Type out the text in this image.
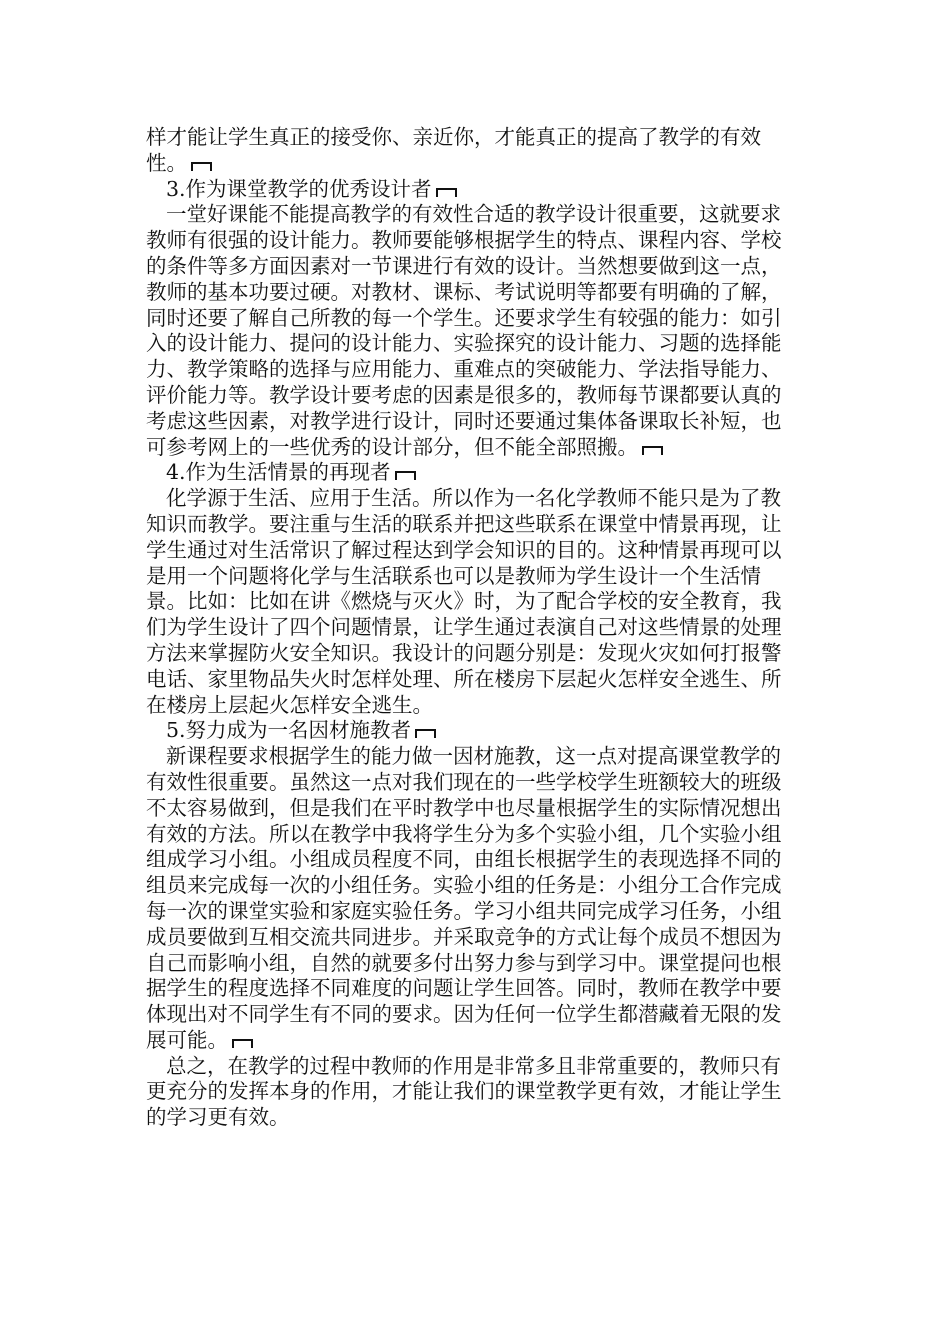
样才能让学生真正的接受你、亲近你，才能真正的提高了教学的有效性。

3.作为课堂教学的优秀设计者

一堂好课能不能提高教学的有效性合适的教学设计很重要，这就要求教师有很强的设计能力。教师要能够根据学生的特点、课程内容、学校的条件等多方面因素对一节课进行有效的设计。当然想要做到这一点，教师的基本功要过硬。对教材、课标、考试说明等都要有明确的了解，同时还要了解自己所教的每一个学生。还要求学生有较强的能力：如引入的设计能力、提问的设计能力、实验探究的设计能力、习题的选择能力、教学策略的选择与应用能力、重难点的突破能力、学法指导能力、评价能力等。教学设计要考虑的因素是很多的，教师每节课都要认真的考虑这些因素，对教学进行设计，同时还要通过集体备课取长补短，也可参考网上的一些优秀的设计部分，但不能全部照搬。

4.作为生活情景的再现者

化学源于生活、应用于生活。所以作为一名化学教师不能只是为了教知识而教学。要注重与生活的联系并把这些联系在课堂中情景再现，让学生通过对生活常识了解过程达到学会知识的目的。这种情景再现可以是用一个问题将化学与生活联系也可以是教师为学生设计一个生活情景。比如：比如在讲《燃烧与灭火》时，为了配合学校的安全教育，我们为学生设计了四个问题情景，让学生通过表演自己对这些情景的处理方法来掌握防火安全知识。我设计的问题分别是：发现火灾如何打报警电话、家里物品失火时怎样处理、所在楼房下层起火怎样安全逃生、所在楼房上层起火怎样安全逃生。

5.努力成为一名因材施教者

新课程要求根据学生的能力做一因材施教，这一点对提高课堂教学的有效性很重要。虽然这一点对我们现在的一些学校学生班额较大的班级不太容易做到，但是我们在平时教学中也尽量根据学生的实际情况想出有效的方法。所以在教学中我将学生分为多个实验小组，几个实验小组组成学习小组。小组成员程度不同，由组长根据学生的表现选择不同的组员来完成每一次的小组任务。实验小组的任务是：小组分工合作完成每一次的课堂实验和家庭实验任务。学习小组共同完成学习任务，小组成员要做到互相交流共同进步。并采取竞争的方式让每个成员不想因为自己而影响小组，自然的就要多付出努力参与到学习中。课堂提问也根据学生的程度选择不同难度的问题让学生回答。同时，教师在教学中要体现出对不同学生有不同的要求。因为任何一位学生都潜藏着无限的发展可能。

总之，在教学的过程中教师的作用是非常多且非常重要的，教师只有更充分的发挥本身的作用，才能让我们的课堂教学更有效，才能让学生的学习更有效。
